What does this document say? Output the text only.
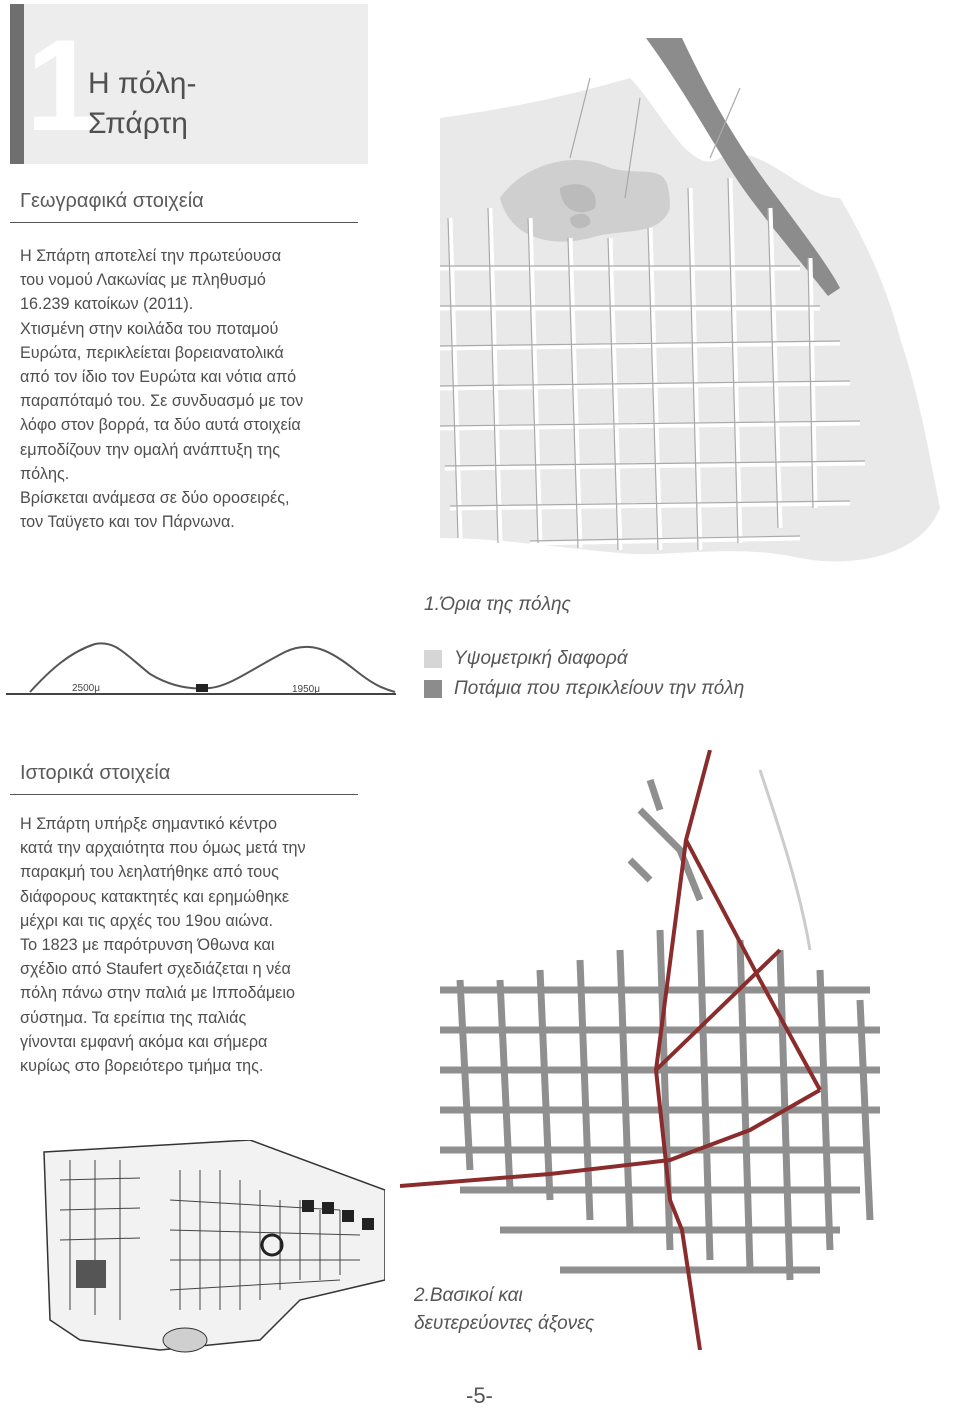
1
Η πόλη-
Σπάρτη
Γεωγραφικά στοιχεία

Η Σπάρτη αποτελεί την πρωτεύουσα

του νομού Λακωνίας με πληθυσμό

16.239 κατοίκων (2011).

Χτισμένη στην κοιλάδα του ποταμού

Ευρώτα, περικλείεται βορειανατολικά

από τον ίδιο τον Ευρώτα και νότια από

παραπόταμό του. Σε συνδυασμό με τον

λόφο στον βορρά, τα δύο αυτά στοιχεία

εμποδίζουν την ομαλή ανάπτυξη της

πόλης.

Βρίσκεται ανάμεσα σε δύο οροσειρές,

τον Ταϋγετο και τον Πάρνωνα.

1.Όρια της πόλης
Υψομετρική διαφορά
Ποτάμια που περικλείουν την πόλη
2500μ	1950μ
Ιστορικά στοιχεία

Η Σπάρτη υπήρξε σημαντικό κέντρο

κατά την αρχαιότητα που όμως μετά την

παρακμή του λεηλατήθηκε από τους

διάφορους κατακτητές και ερημώθηκε

μέχρι και τις αρχές του 19ου αιώνα.

Το 1823 με παρότρυνση Όθωνα και

σχέδιο από Staufert σχεδιάζεται η νέα

πόλη πάνω στην παλιά με Ιπποδάμειο

σύστημα. Τα ερείπια της παλιάς

γίνονται εμφανή ακόμα και σήμερα

κυρίως στο βορειότερο τμήμα της.

2.Βασικοί και
δευτερεύοντες άξονες
-5-
